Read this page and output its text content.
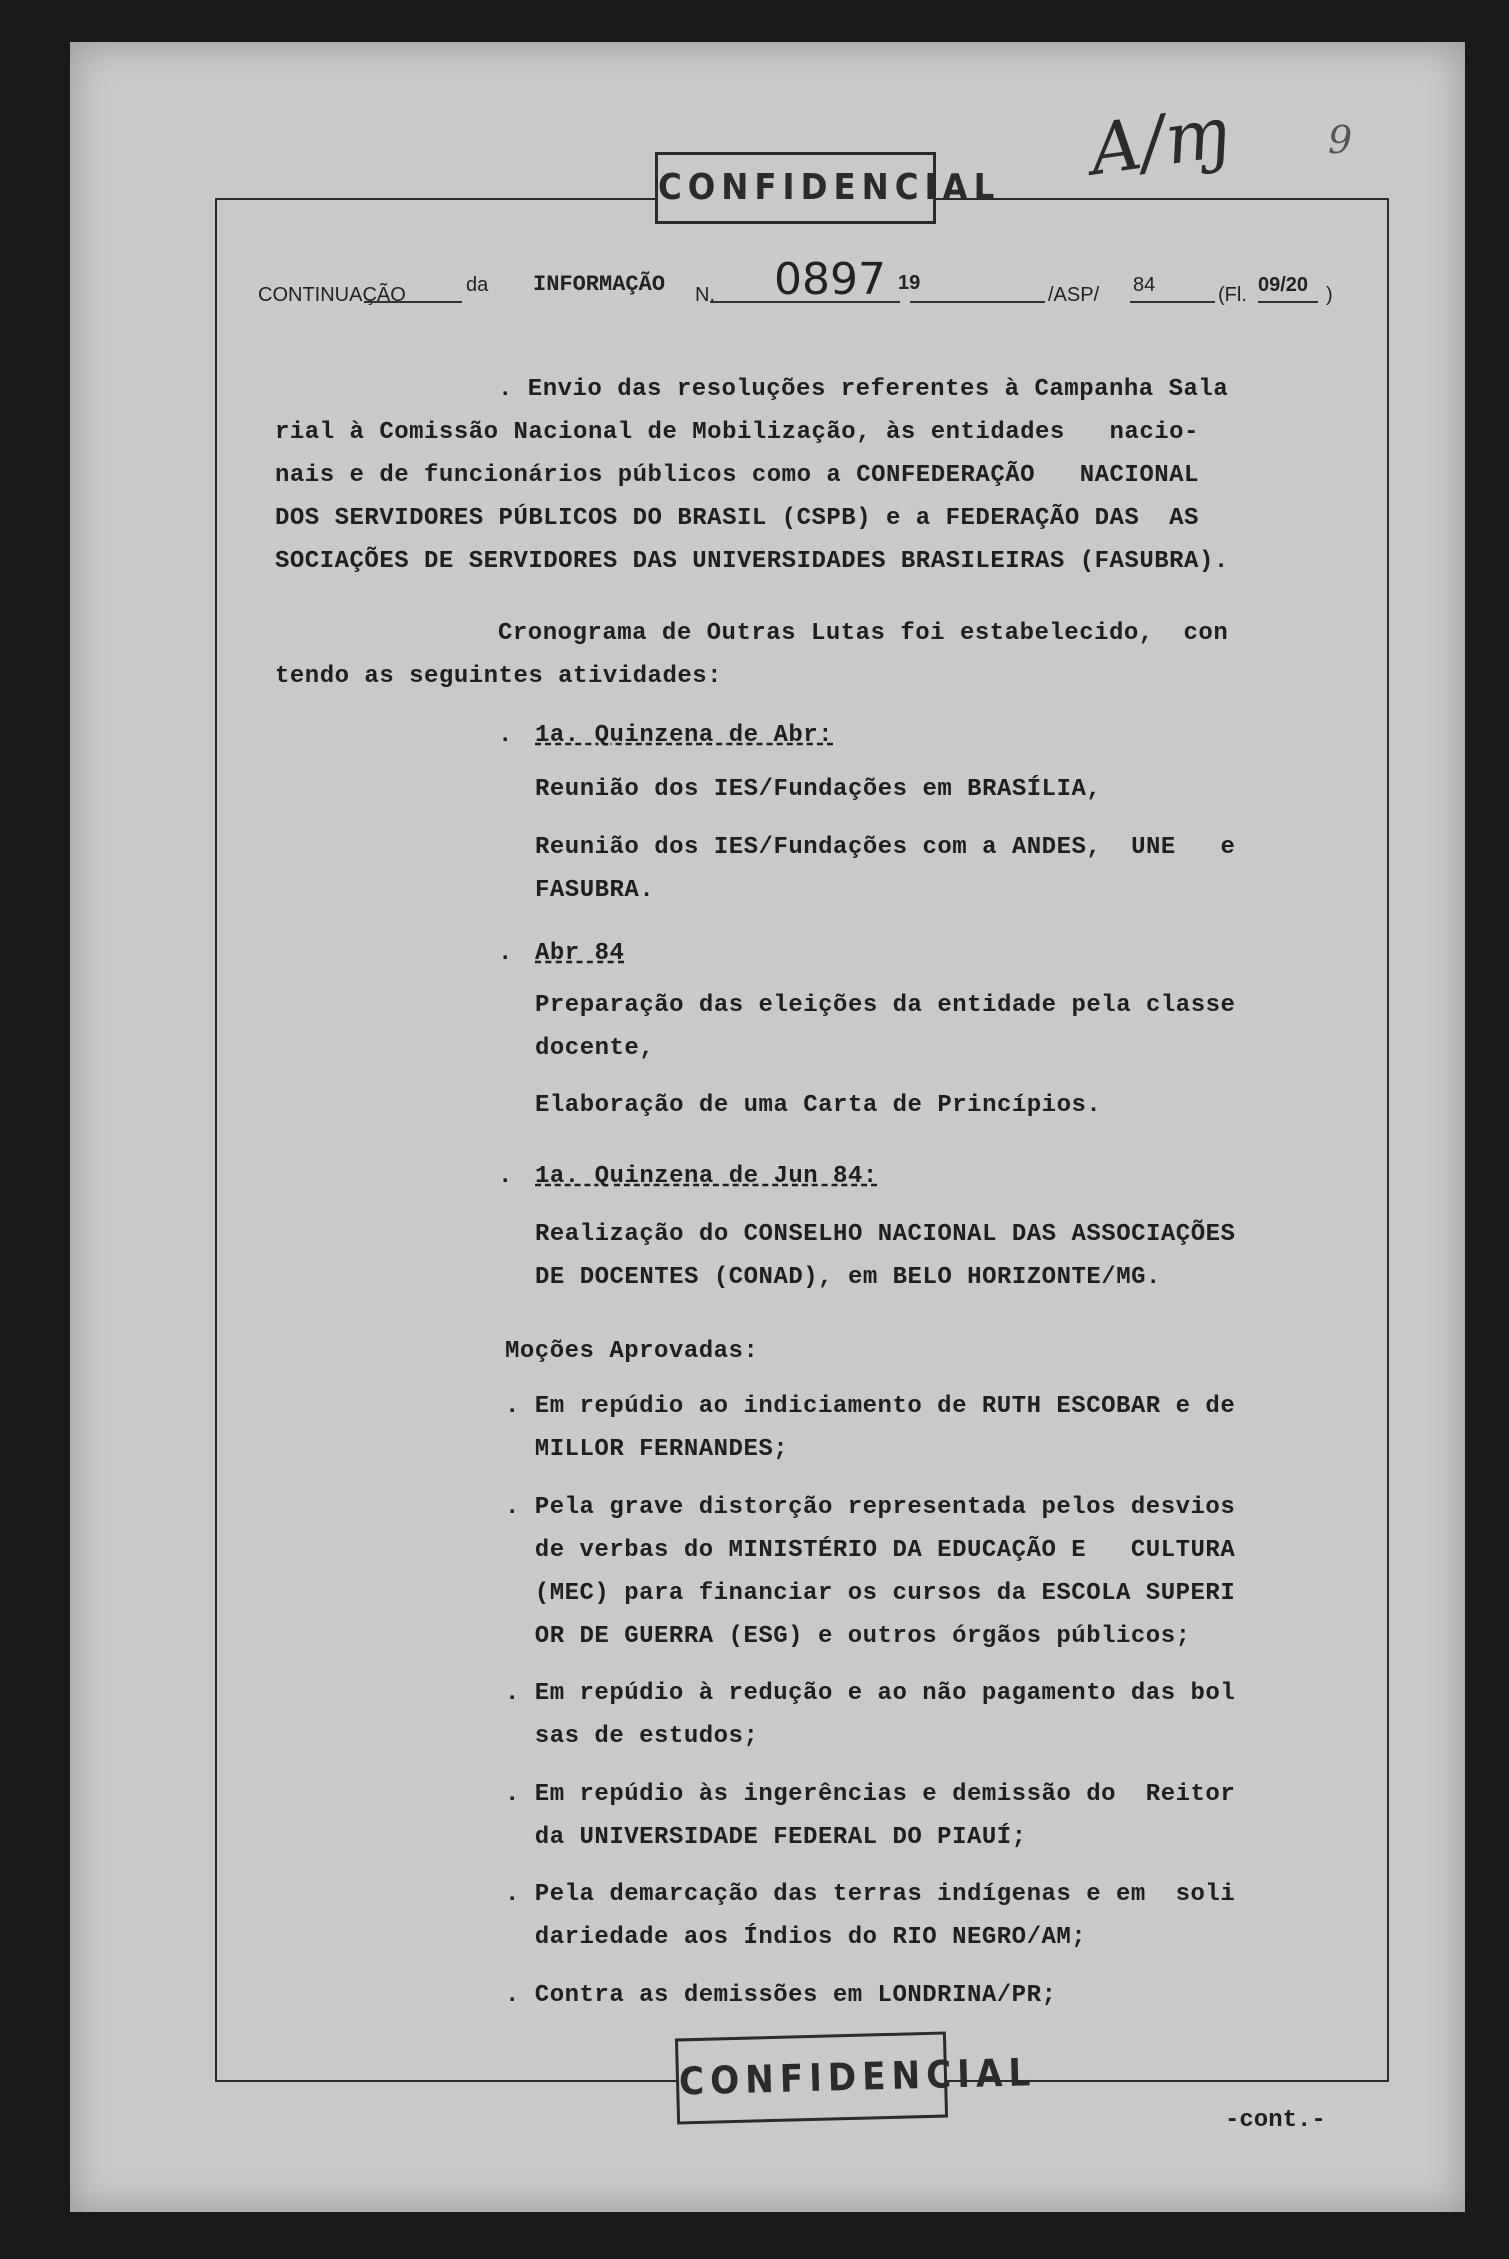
CONFIDENCIAL
9
A∕ɱ
CONTINUAÇÃO	da INFORMAÇÃO N. 0897 19
/ASP/ 84	(Fl. 09/20 )
. Envio das resoluções referentes à Campanha Sala
rial à Comissão Nacional de Mobilização, às entidades   nacio-
nais e de funcionários públicos como a CONFEDERAÇÃO   NACIONAL
DOS SERVIDORES PÚBLICOS DO BRASIL (CSPB) e a FEDERAÇÃO DAS  AS
SOCIAÇÕES DE SERVIDORES DAS UNIVERSIDADES BRASILEIRAS (FASUBRA).
Cronograma de Outras Lutas foi estabelecido,  con
tendo as seguintes atividades:
. 1a. Quinzena de Abr:
Reunião dos IES/Fundações em BRASÍLIA,
Reunião dos IES/Fundações com a ANDES,  UNE   e
FASUBRA.
. Abr 84
Preparação das eleições da entidade pela classe
docente,
Elaboração de uma Carta de Princípios.
. 1a. Quinzena de Jun 84:
Realização do CONSELHO NACIONAL DAS ASSOCIAÇÕES
DE DOCENTES (CONAD), em BELO HORIZONTE/MG.
Moções Aprovadas:
. Em repúdio ao indiciamento de RUTH ESCOBAR e de
MILLOR FERNANDES;
. Pela grave distorção representada pelos desvios
de verbas do MINISTÉRIO DA EDUCAÇÃO E   CULTURA
(MEC) para financiar os cursos da ESCOLA SUPERI
OR DE GUERRA (ESG) e outros órgãos públicos;
. Em repúdio à redução e ao não pagamento das bol
sas de estudos;
. Em repúdio às ingerências e demissão do  Reitor
da UNIVERSIDADE FEDERAL DO PIAUÍ;
. Pela demarcação das terras indígenas e em  soli
dariedade aos Índios do RIO NEGRO/AM;
. Contra as demissões em LONDRINA/PR;
CONFIDENCIAL
-cont.-
